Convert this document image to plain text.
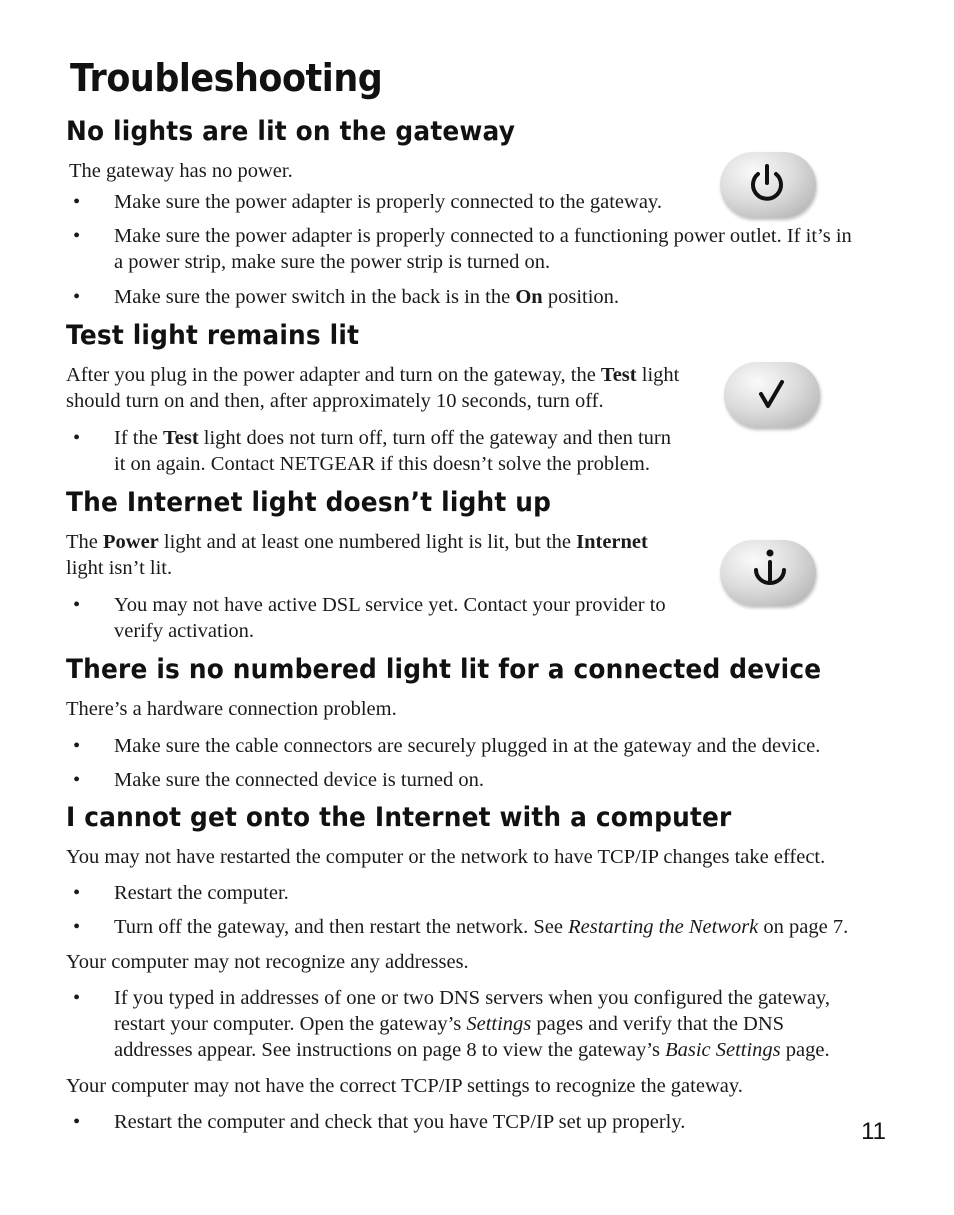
Troubleshooting
No lights are lit on the gateway

The gateway has no power.

• Make sure the power adapter is properly connected to the gateway.
• Make sure the power adapter is properly connected to a functioning power outlet. If it’s in
a power strip, make sure the power strip is turned on.
• Make sure the power switch in the back is in the On position.
Test light remains lit

After you plug in the power adapter and turn on the gateway, the Test light
should turn on and then, after approximately 10 seconds, turn off.

• If the Test light does not turn off, turn off the gateway and then turn
it on again. Contact NETGEAR if this doesn’t solve the problem.
The Internet light doesn’t light up

The Power light and at least one numbered light is lit, but the Internet
light isn’t lit.

• You may not have active DSL service yet. Contact your provider to
verify activation.
There is no numbered light lit for a connected device

There’s a hardware connection problem.

• Make sure the cable connectors are securely plugged in at the gateway and the device.
• Make sure the connected device is turned on.
I cannot get onto the Internet with a computer

You may not have restarted the computer or the network to have TCP/IP changes take effect.

• Restart the computer.
• Turn off the gateway, and then restart the network. See Restarting the Network on page 7.

Your computer may not recognize any addresses.

• If you typed in addresses of one or two DNS servers when you configured the gateway,
restart your computer. Open the gateway’s Settings pages and verify that the DNS
addresses appear. See instructions on page 8 to view the gateway’s Basic Settings page.

Your computer may not have the correct TCP/IP settings to recognize the gateway.

• Restart the computer and check that you have TCP/IP set up properly.	11
